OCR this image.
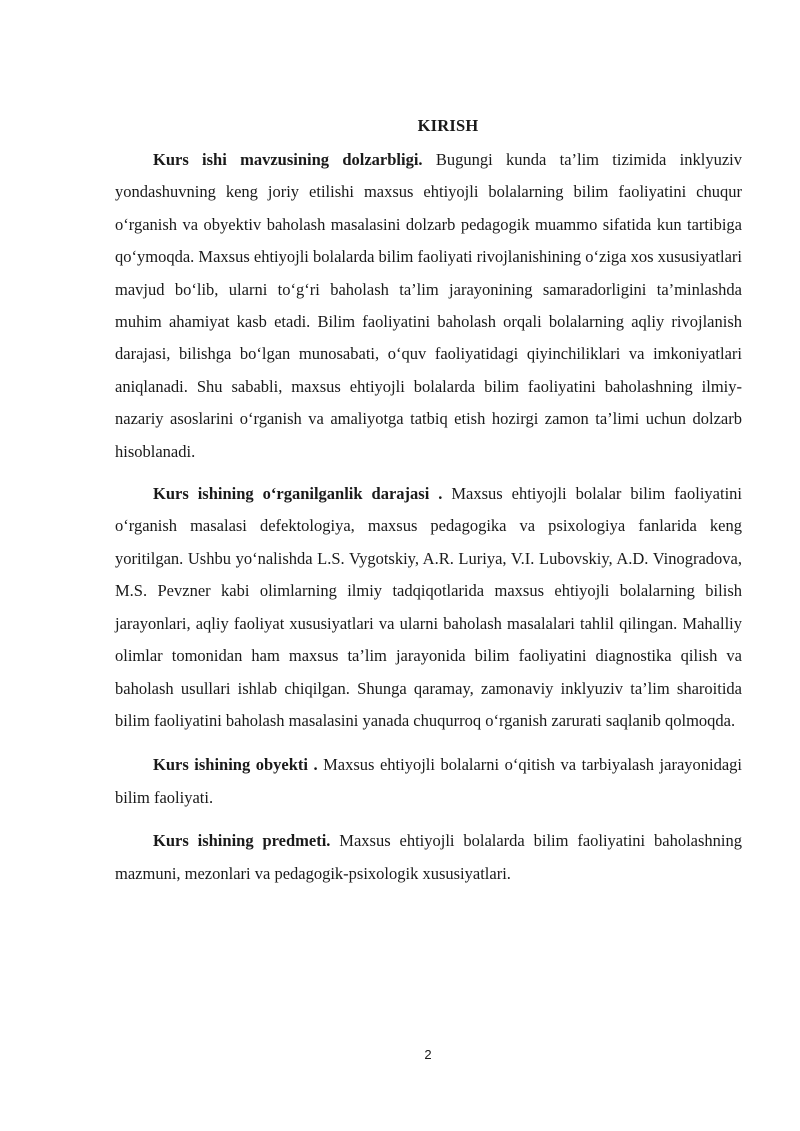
KIRISH

Kurs ishi mavzusining dolzarbligi. Bugungi kunda ta’lim tizimida inklyuziv yondashuvning keng joriy etilishi maxsus ehtiyojli bolalarning bilim faoliyatini chuqur o‘rganish va obyektiv baholash masalasini dolzarb pedagogik muammo sifatida kun tartibiga qo‘ymoqda. Maxsus ehtiyojli bolalarda bilim faoliyati rivojlanishining o‘ziga xos xususiyatlari mavjud bo‘lib, ularni to‘g‘ri baholash ta’lim jarayonining samaradorligini ta’minlashda muhim ahamiyat kasb etadi. Bilim faoliyatini baholash orqali bolalarning aqliy rivojlanish darajasi, bilishga bo‘lgan munosabati, o‘quv faoliyatidagi qiyinchiliklari va imkoniyatlari aniqlanadi. Shu sababli, maxsus ehtiyojli bolalarda bilim faoliyatini baholashning ilmiy-nazariy asoslarini o‘rganish va amaliyotga tatbiq etish hozirgi zamon ta’limi uchun dolzarb hisoblanadi.

Kurs ishining o‘rganilganlik darajasi . Maxsus ehtiyojli bolalar bilim faoliyatini o‘rganish masalasi defektologiya, maxsus pedagogika va psixologiya fanlarida keng yoritilgan. Ushbu yo‘nalishda L.S. Vygotskiy, A.R. Luriya, V.I. Lubovskiy, A.D. Vinogradova, M.S. Pevzner kabi olimlarning ilmiy tadqiqotlarida maxsus ehtiyojli bolalarning bilish jarayonlari, aqliy faoliyat xususiyatlari va ularni baholash masalalari tahlil qilingan. Mahalliy olimlar tomonidan ham maxsus ta’lim jarayonida bilim faoliyatini diagnostika qilish va baholash usullari ishlab chiqilgan. Shunga qaramay, zamonaviy inklyuziv ta’lim sharoitida bilim faoliyatini baholash masalasini yanada chuqurroq o‘rganish zarurati saqlanib qolmoqda.

Kurs ishining obyekti . Maxsus ehtiyojli bolalarni o‘qitish va tarbiyalash jarayonidagi bilim faoliyati.

Kurs ishining predmeti. Maxsus ehtiyojli bolalarda bilim faoliyatini baholashning mazmuni, mezonlari va pedagogik-psixologik xususiyatlari.

2
